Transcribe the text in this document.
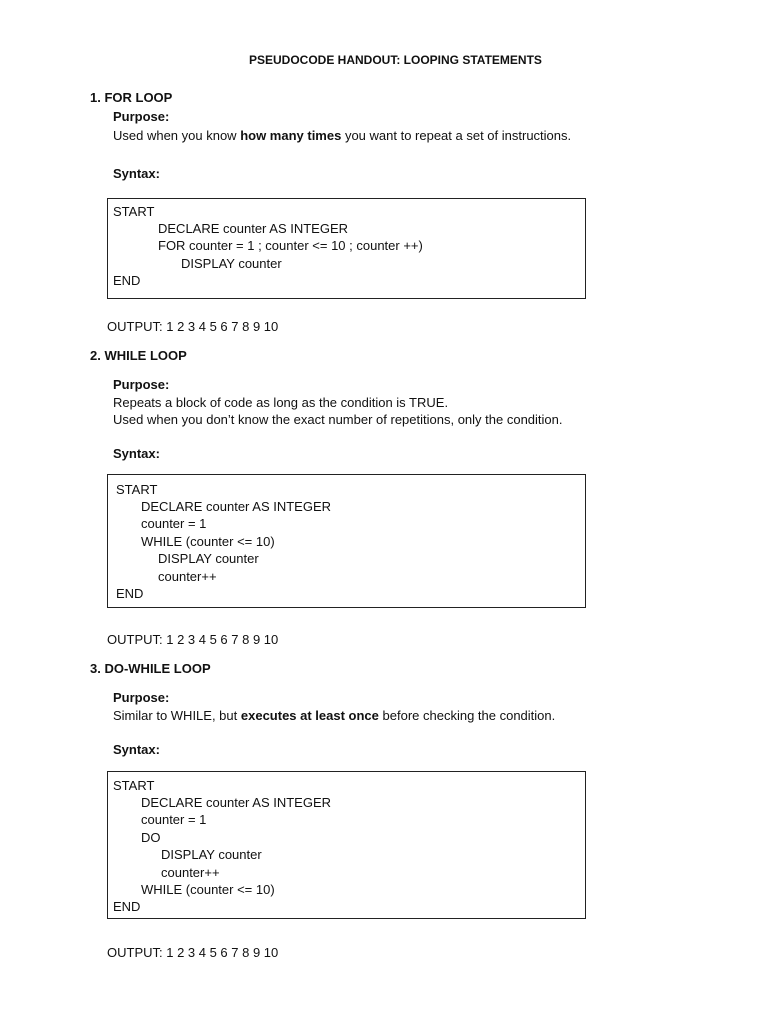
PSEUDOCODE HANDOUT: LOOPING STATEMENTS
1. FOR LOOP
Purpose:
Used when you know how many times you want to repeat a set of instructions.
Syntax:
START
DECLARE counter AS INTEGER
FOR counter = 1 ; counter <= 10 ; counter ++)
DISPLAY counter
END
OUTPUT: 1 2 3 4 5 6 7 8 9 10
2. WHILE LOOP
Purpose:
Repeats a block of code as long as the condition is TRUE.
Used when you don’t know the exact number of repetitions, only the condition.
Syntax:
START
DECLARE counter AS INTEGER
counter = 1
WHILE (counter <= 10)
DISPLAY counter
counter++
END
OUTPUT: 1 2 3 4 5 6 7 8 9 10
3. DO-WHILE LOOP
Purpose:
Similar to WHILE, but executes at least once before checking the condition.
Syntax:
START
DECLARE counter AS INTEGER
counter = 1
DO
DISPLAY counter
counter++
WHILE (counter <= 10)
END
OUTPUT: 1 2 3 4 5 6 7 8 9 10
